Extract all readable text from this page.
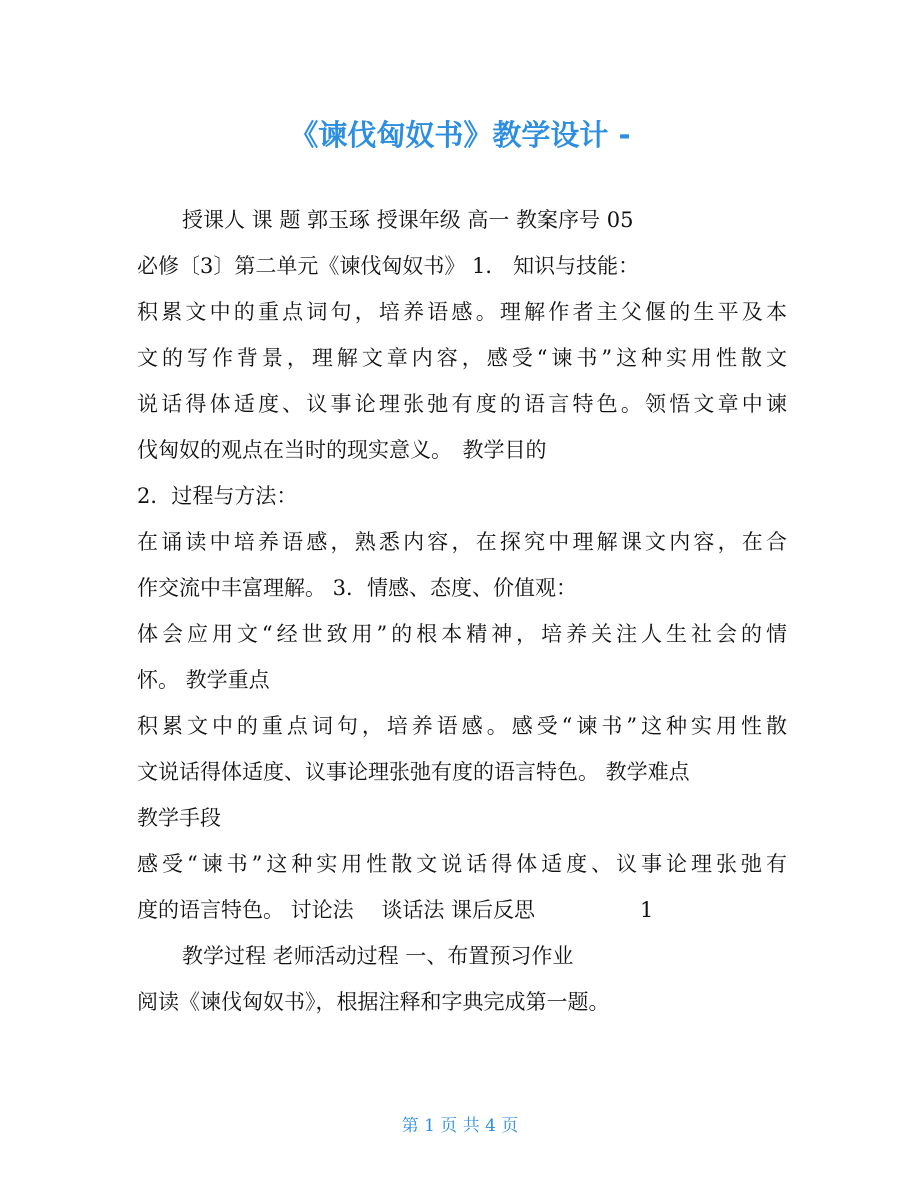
《谏伐匈奴书》教学设计 -
授课人 课 题 郭玉琢 授课年级 高一 教案序号 05
必修〔3〕第二单元《谏伐匈奴书》 1． 知识与技能：
积累文中的重点词句，培养语感。理解作者主父偃的生平及本
文的写作背景，理解文章内容，感受“谏书”这种实用性散文
说话得体适度、议事论理张弛有度的语言特色。领悟文章中谏
伐匈奴的观点在当时的现实意义。　教学目的
2．过程与方法：
在诵读中培养语感，熟悉内容，在探究中理解课文内容，在合
作交流中丰富理解。 3．情感、态度、价值观：
体会应用文“经世致用”的根本精神，培养关注人生社会的情
怀。 教学重点
积累文中的重点词句，培养语感。感受“谏书”这种实用性散
文说话得体适度、议事论理张弛有度的语言特色。 教学难点
教学手段
感受“谏书”这种实用性散文说话得体适度、议事论理张弛有
度的语言特色。 讨论法　 谈话法 课后反思　　　　　1
教学过程 老师活动过程 一、布置预习作业
阅读《谏伐匈奴书》，根据注释和字典完成第一题。
第 1 页 共 4 页
